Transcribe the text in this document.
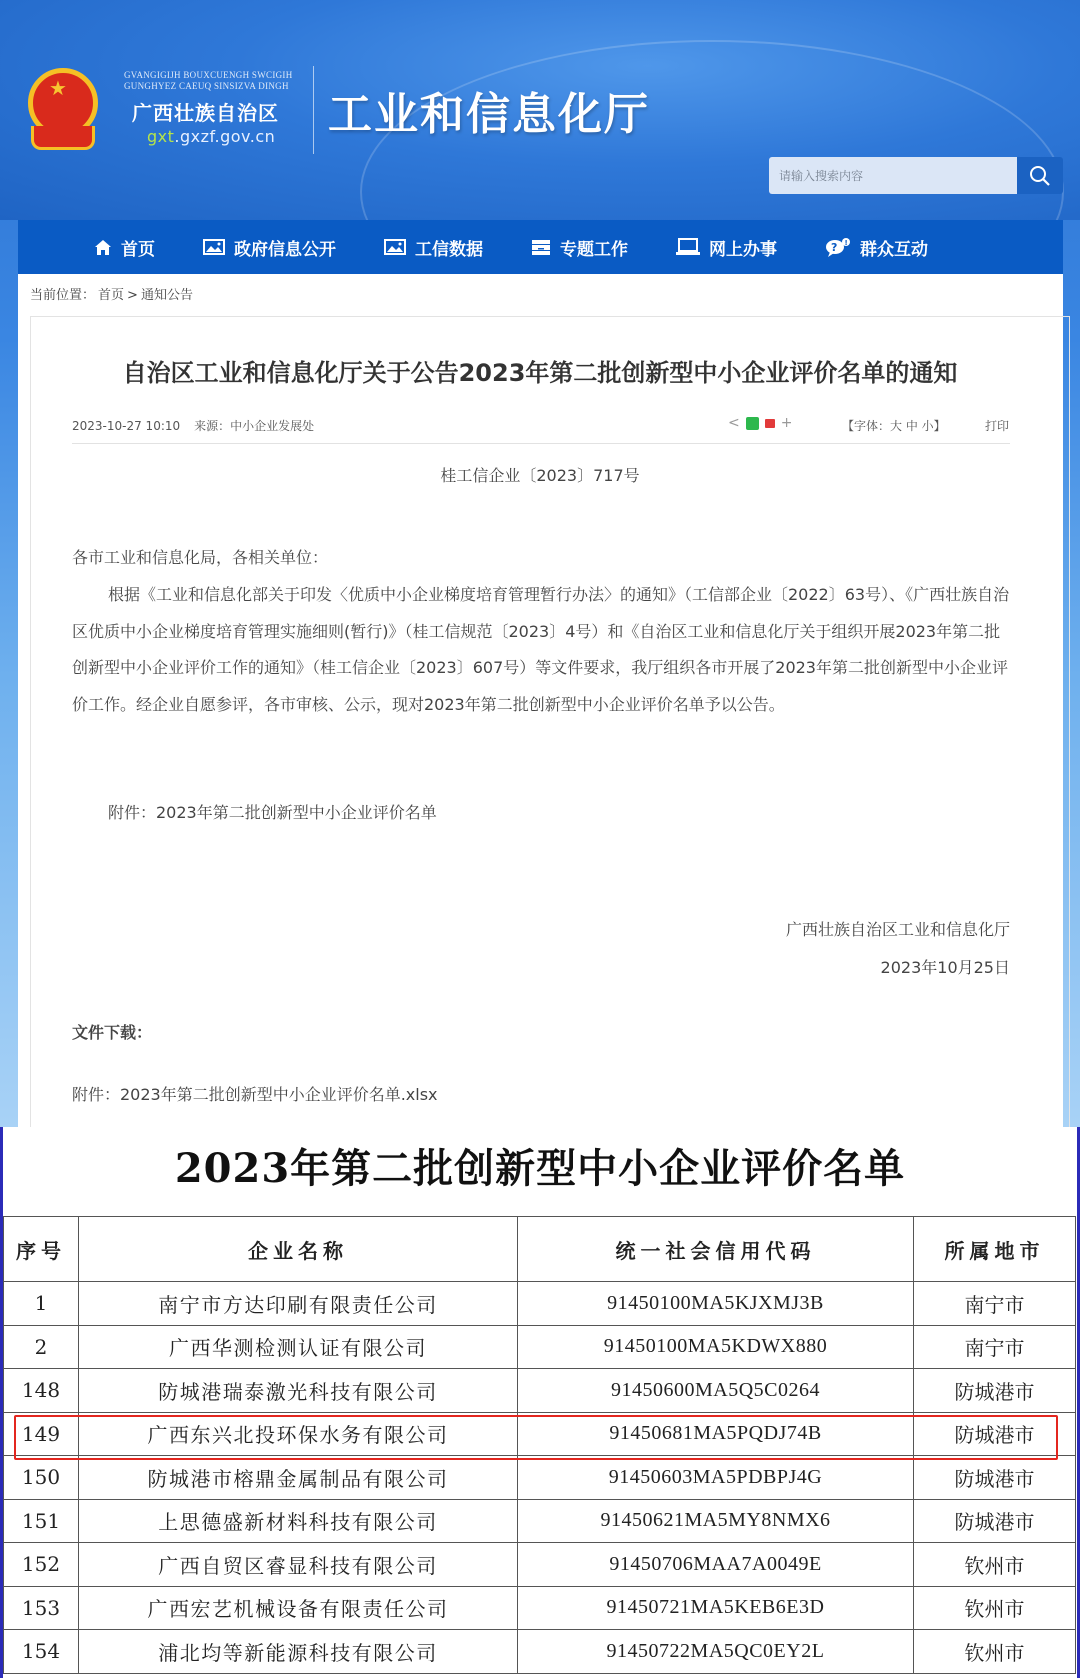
★
GVANGIGIJH BOUXCUENGH SWCIGIH
GUNGHYEZ CAEUQ SINSIZVA DINGH
广西壮族自治区
gxt.gxzf.gov.cn 工业和信息化厅
请输入搜索内容
首页	政府信息公开	工信数据	专题工作	网上办事	? ! 群众互动
当前位置： 首页 > 通知公告
自治区工业和信息化厅关于公告2023年第二批创新型中小企业评价名单的通知
2023-10-27 10:10 来源：中小企业发展处	<	+	【字体：大 中 小】	打印
桂工信企业〔2023〕717号

各市工业和信息化局，各相关单位：

根据《工业和信息化部关于印发〈优质中小企业梯度培育管理暂行办法〉的通知》（工信部企业〔2022〕63号）、《广西壮族自治区优质中小企业梯度培育管理实施细则(暂行)》（桂工信规范〔2023〕4号）和《自治区工业和信息化厅关于组织开展2023年第二批创新型中小企业评价工作的通知》（桂工信企业〔2023〕607号）等文件要求，我厅组织各市开展了2023年第二批创新型中小企业评价工作。经企业自愿参评，各市审核、公示，现对2023年第二批创新型中小企业评价名单予以公告。

附件：2023年第二批创新型中小企业评价名单
广西壮族自治区工业和信息化厅
2023年10月25日
文件下载：
附件：2023年第二批创新型中小企业评价名单.xlsx
2023年第二批创新型中小企业评价名单
序号	企业名称	统一社会信用代码	所属地市
1	南宁市方达印刷有限责任公司	91450100MA5KJXMJ3B	南宁市
2	广西华测检测认证有限公司	91450100MA5KDWX880	南宁市
148	防城港瑞泰激光科技有限公司	91450600MA5Q5C0264	防城港市
149	广西东兴北投环保水务有限公司	91450681MA5PQDJ74B	防城港市
150	防城港市榕鼎金属制品有限公司	91450603MA5PDBPJ4G	防城港市
151	上思德盛新材料科技有限公司	91450621MA5MY8NMX6	防城港市
152	广西自贸区睿显科技有限公司	91450706MAA7A0049E	钦州市
153	广西宏艺机械设备有限责任公司	91450721MA5KEB6E3D	钦州市
154	浦北均等新能源科技有限公司	91450722MA5QC0EY2L	钦州市
